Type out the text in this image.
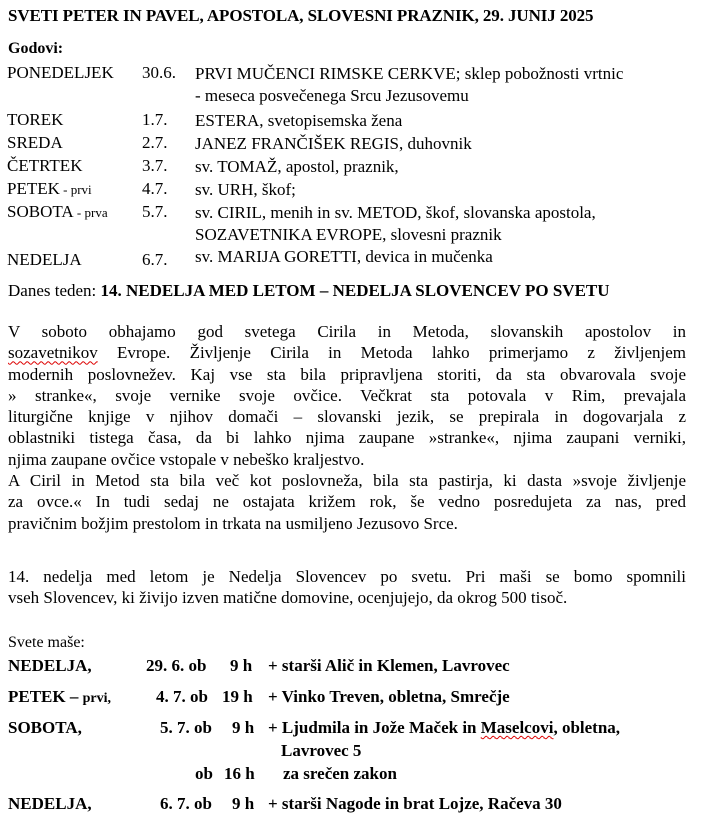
SVETI PETER IN PAVEL, APOSTOLA, SLOVESNI PRAZNIK, 29. JUNIJ 2025
Godovi:
PONEDELJEK 30.6. PRVI MUČENCI RIMSKE CERKVE; sklep pobožnosti vrtnic
- meseca posvečenega Srcu Jezusovemu
TOREK	1.7. ESTERA, svetopisemska žena
SREDA	2.7. JANEZ FRANČIŠEK REGIS, duhovnik
ČETRTEK	3.7. sv. TOMAŽ, apostol, praznik,
PETEK - prvi	4.7. sv. URH, škof;
SOBOTA - prva 5.7. sv. CIRIL, menih in sv. METOD, škof, slovanska apostola,
SOZAVETNIKA EVROPE, slovesni praznik
NEDELJA	6.7. sv. MARIJA GORETTI, devica in mučenka
Danes teden: 14. NEDELJA MED LETOM – NEDELJA SLOVENCEV PO SVETU
V soboto obhajamo god svetega Cirila in Metoda, slovanskih apostolov in
sozavetnikov Evrope. Življenje Cirila in Metoda lahko primerjamo z življenjem
modernih poslovnežev. Kaj vse sta bila pripravljena storiti, da sta obvarovala svoje
» stranke«, svoje vernike svoje ovčice. Večkrat sta potovala v Rim, prevajala
liturgične knjige v njihov domači – slovanski jezik, se prepirala in dogovarjala z
oblastniki tistega časa, da bi lahko njima zaupane »stranke«, njima zaupani verniki,
njima zaupane ovčice vstopale v nebeško kraljestvo.
A Ciril in Metod sta bila več kot poslovneža, bila sta pastirja, ki dasta »svoje življenje
za ovce.« In tudi sedaj ne ostajata križem rok, še vedno posredujeta za nas, pred
pravičnim božjim prestolom in trkata na usmiljeno Jezusovo Srce.
14. nedelja med letom je Nedelja Slovencev po svetu. Pri maši se bomo spomnili
vseh Slovencev, ki živijo izven matične domovine, ocenjujejo, da okrog 500 tisoč.
Svete maše:
NEDELJA,	29. 6. ob 9 h + starši Alič in Klemen, Lavrovec
PETEK – prvi,	4. 7. ob 19 h + Vinko Treven, obletna, Smrečje
SOBOTA,	5. 7. ob 9 h + Ljudmila in Jože Maček in Maselcovi, obletna,
Lavrovec 5
ob 16 h za srečen zakon
NEDELJA,	6. 7. ob 9 h + starši Nagode in brat Lojze, Račeva 30
